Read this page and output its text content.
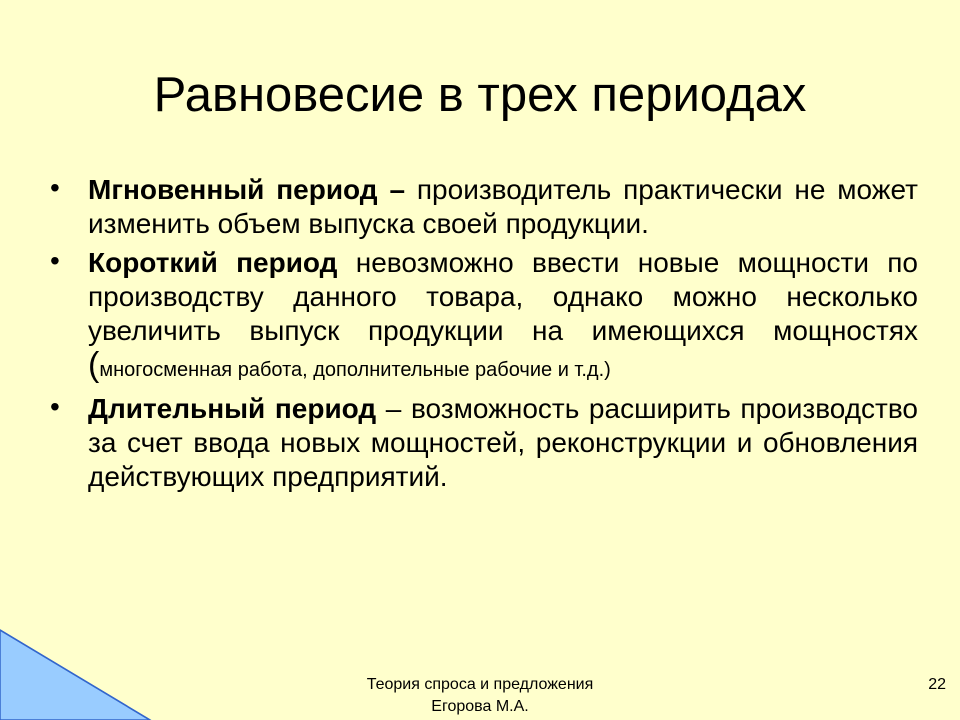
Равновесие в трех периодах
• Мгновенный период – производитель практически не может изменить объем выпуска своей продукции.
• Короткий период невозможно ввести новые мощности по производству данного товара, однако можно несколько увеличить выпуск продукции на имеющихся мощностях (многосменная работа, дополнительные рабочие и т.д.)
• Длительный период – возможность расширить производство за счет ввода новых мощностей, реконструкции и обновления действующих предприятий.
Теория спроса и предложения
Егорова М.А.
22
